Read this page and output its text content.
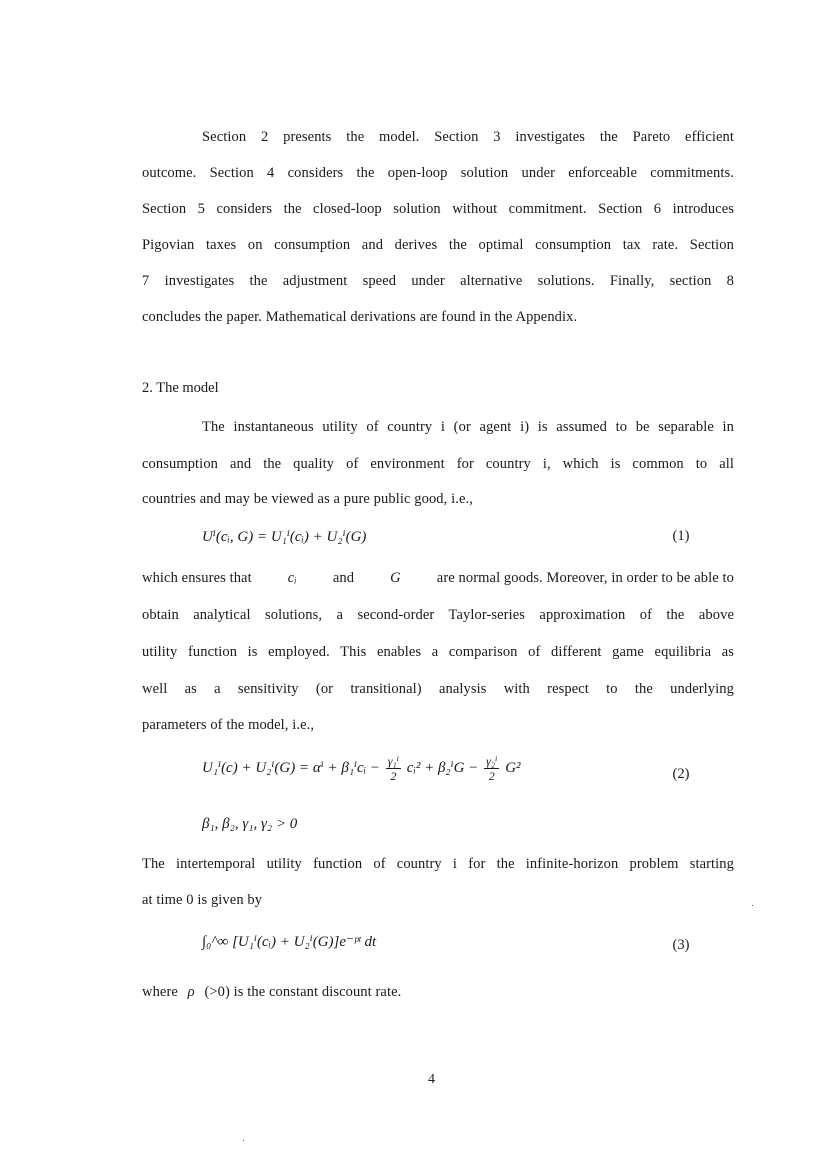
Section 2 presents the model. Section 3 investigates the Pareto efficient
outcome. Section 4 considers the open-loop solution under enforceable commitments.
Section 5 considers the closed-loop solution without commitment. Section 6 introduces
Pigovian taxes on consumption and derives the optimal consumption tax rate. Section
7 investigates the adjustment speed under alternative solutions. Finally, section 8
concludes the paper. Mathematical derivations are found in the Appendix.
2. The model
The instantaneous utility of country i (or agent i) is assumed to be separable in
consumption and the quality of environment for country i, which is common to all
countries and may be viewed as a pure public good, i.e.,
Uⁱ(cᵢ, G) = U₁ⁱ(cᵢ) + U₂ⁱ(G)	(1)
which ensures that cᵢ and G are normal goods. Moreover, in order to be able to
obtain analytical solutions, a second-order Taylor-series approximation of the above
utility function is employed. This enables a comparison of different game equilibria as
well as a sensitivity (or transitional) analysis with respect to the underlying
parameters of the model, i.e.,
U₁ⁱ(c) + U₂ⁱ(G) = αⁱ + β₁ⁱcᵢ − $\frac{\text{γ₁ⁱ}}{2}$ cᵢ² + $\beta_2^iG - \frac{\text{γ₂ⁱ}}{2} G^2$	(2)
β₁, β₂, γ₁, γ₂ > 0
The intertemporal utility function of country i for the infinite-horizon problem starting
at time 0 is given by
∫₀^∞ [U₁ⁱ(cᵢ) + U₂ⁱ(G)]e⁻ᵖᵗ dt	(3)
where ρ (>0) is the constant discount rate.
4
